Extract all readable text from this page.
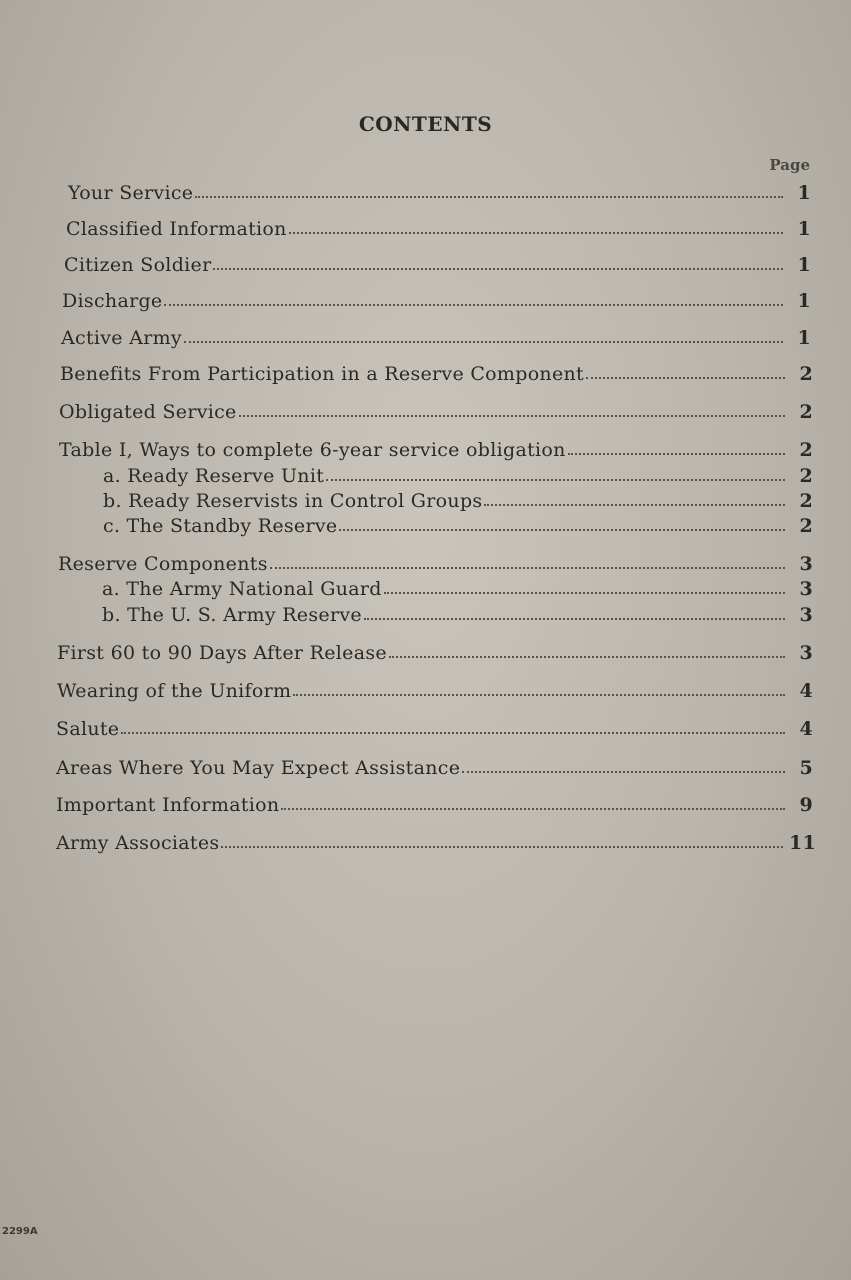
CONTENTS
Page
Your Service	1
Classified Information	1
Citizen Soldier	1
Discharge	1
Active Army	1
Benefits From Participation in a Reserve Component	2
Obligated Service	2
Table I, Ways to complete 6-year service obligation	2
a. Ready Reserve Unit	2
b. Ready Reservists in Control Groups	2
c. The Standby Reserve	2
Reserve Components	3
a. The Army National Guard	3
b. The U. S. Army Reserve	3
First 60 to 90 Days After Release	3
Wearing of the Uniform	4
Salute	4
Areas Where You May Expect Assistance	5
Important Information	9
Army Associates	11
2299A
